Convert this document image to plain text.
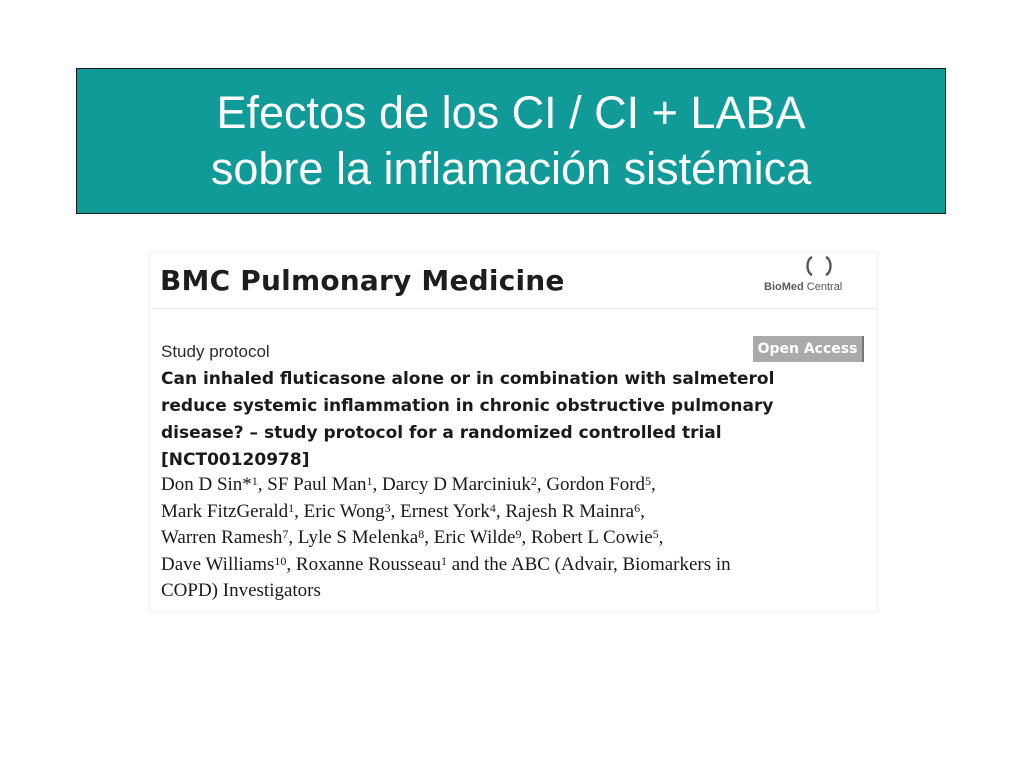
Efectos de los CI / CI + LABA
sobre la inflamación sistémica
BMC Pulmonary Medicine	BioMed Central
Study protocol	Open Access
Can inhaled fluticasone alone or in combination with salmeterol
reduce systemic inflammation in chronic obstructive pulmonary
disease? – study protocol for a randomized controlled trial
[NCT00120978]
Don D Sin*$^1$, SF Paul Man$^1$, Darcy D Marciniuk$^2$, Gordon Ford$^5$,
Mark FitzGerald$^1$, Eric Wong$^3$, Ernest York$^4$, Rajesh R Mainra$^6$,
Warren Ramesh$^7$, Lyle S Melenka$^8$, Eric Wilde$^9$, Robert L Cowie$^5$,
Dave Williams$^{10}$, Roxanne Rousseau$^1$ and the ABC (Advair, Biomarkers in
COPD) Investigators
